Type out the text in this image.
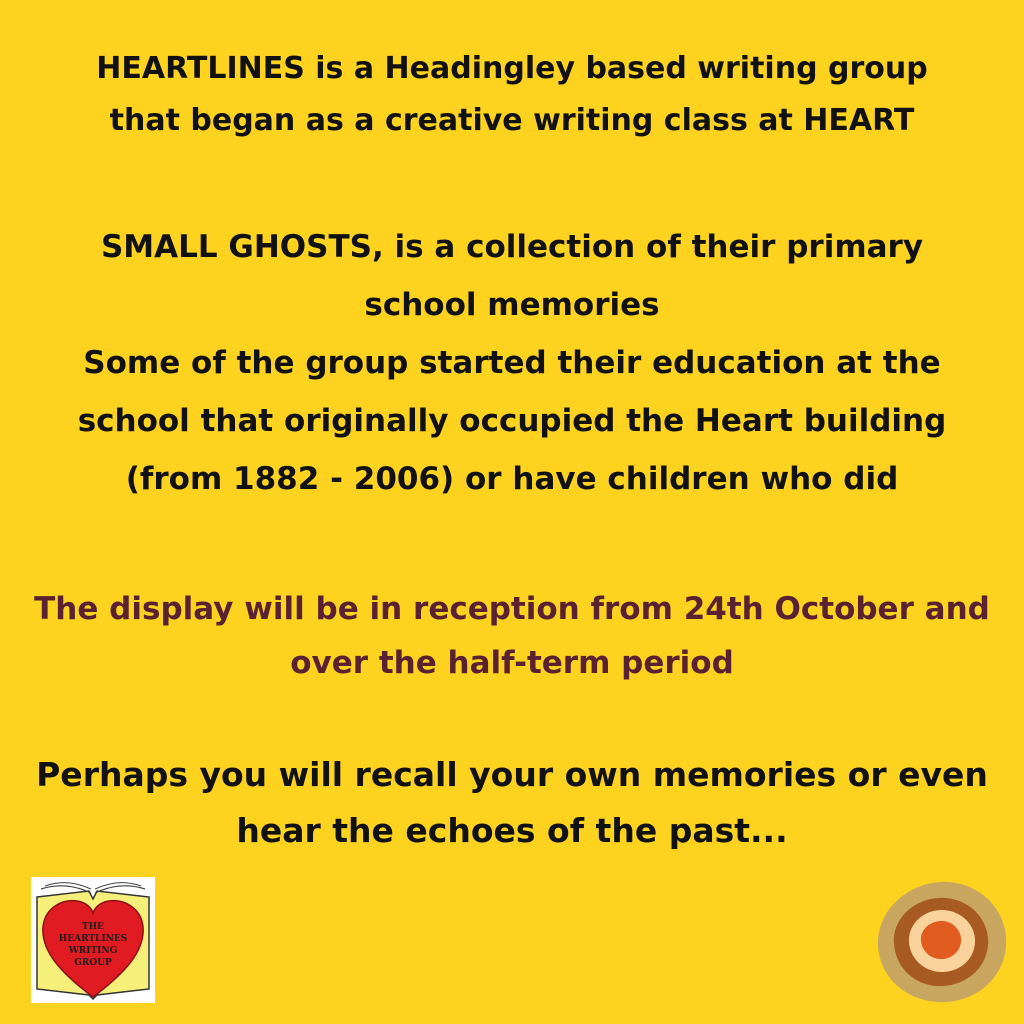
HEARTLINES is a Headingley based writing group
that began as a creative writing class at HEART
SMALL GHOSTS, is a collection of their primary
school memories
Some of the group started their education at the
school that originally occupied the Heart building
(from 1882 - 2006) or have children who did
The display will be in reception from 24th October and
over the half-term period
Perhaps you will recall your own memories or even
hear the echoes of the past...
THE
HEARTLINES
WRITING
GROUP
